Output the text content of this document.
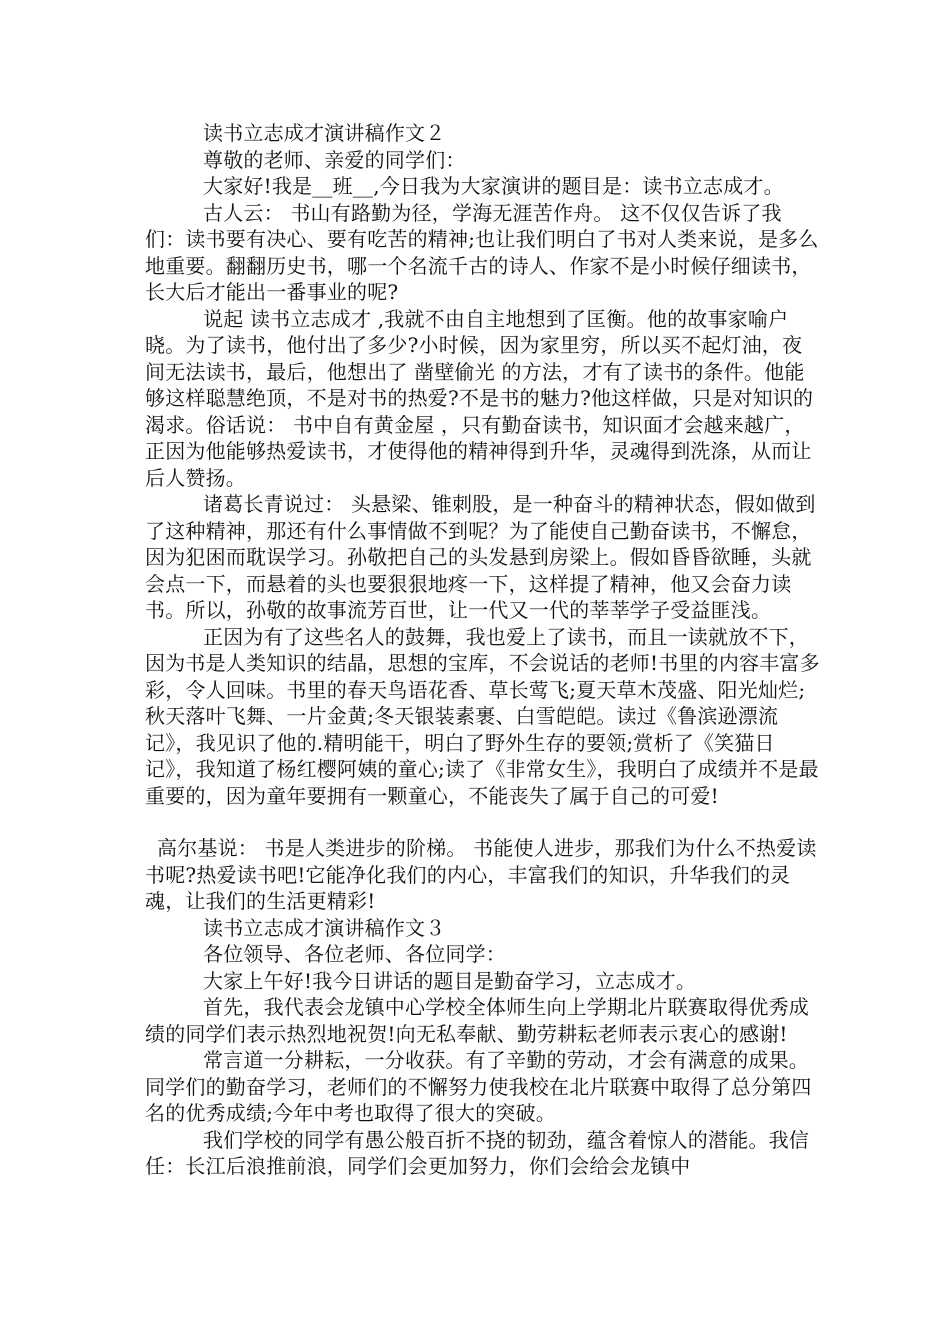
读书立志成才演讲稿作文２

尊敬的老师、亲爱的同学们：

大家好!我是__班__,今日我为大家演讲的题目是：读书立志成才。

古人云： 书山有路勤为径，学海无涯苦作舟。 这不仅仅告诉了我们：读书要有决心、要有吃苦的精神;也让我们明白了书对人类来说，是多么地重要。翻翻历史书，哪一个名流千古的诗人、作家不是小时候仔细读书，长大后才能出一番事业的呢?

说起 读书立志成才 ,我就不由自主地想到了匡衡。他的故事家喻户晓。为了读书，他付出了多少?小时候，因为家里穷，所以买不起灯油，夜间无法读书，最后，他想出了 凿壁偷光 的方法，才有了读书的条件。他能够这样聪慧绝顶，不是对书的热爱?不是书的魅力?他这样做，只是对知识的渴求。俗话说： 书中自有黄金屋 ，只有勤奋读书，知识面才会越来越广，正因为他能够热爱读书，才使得他的精神得到升华，灵魂得到洗涤，从而让后人赞扬。

诸葛长青说过： 头悬梁、锥刺股，是一种奋斗的精神状态，假如做到了这种精神，那还有什么事情做不到呢？为了能使自己勤奋读书，不懈怠，因为犯困而耽误学习。孙敬把自己的头发悬到房梁上。假如昏昏欲睡，头就会点一下，而悬着的头也要狠狠地疼一下，这样提了精神，他又会奋力读书。所以，孙敬的故事流芳百世，让一代又一代的莘莘学子受益匪浅。

正因为有了这些名人的鼓舞，我也爱上了读书，而且一读就放不下，因为书是人类知识的结晶，思想的宝库，不会说话的老师!书里的内容丰富多彩，令人回味。书里的春天鸟语花香、草长莺飞;夏天草木茂盛、阳光灿烂;秋天落叶飞舞、一片金黄;冬天银装素裹、白雪皑皑。读过《鲁滨逊漂流记》，我见识了他的.精明能干，明白了野外生存的要领;赏析了《笑猫日记》，我知道了杨红樱阿姨的童心;读了《非常女生》，我明白了成绩并不是最重要的，因为童年要拥有一颗童心，不能丧失了属于自己的可爱!

高尔基说： 书是人类进步的阶梯。 书能使人进步，那我们为什么不热爱读书呢?热爱读书吧!它能净化我们的内心，丰富我们的知识，升华我们的灵魂，让我们的生活更精彩!

读书立志成才演讲稿作文３

各位领导、各位老师、各位同学：

大家上午好!我今日讲话的题目是勤奋学习，立志成才。

首先，我代表会龙镇中心学校全体师生向上学期北片联赛取得优秀成绩的同学们表示热烈地祝贺!向无私奉献、勤劳耕耘老师表示衷心的感谢!

常言道一分耕耘，一分收获。有了辛勤的劳动，才会有满意的成果。同学们的勤奋学习，老师们的不懈努力使我校在北片联赛中取得了总分第四名的优秀成绩;今年中考也取得了很大的突破。

我们学校的同学有愚公般百折不挠的韧劲，蕴含着惊人的潜能。我信任：长江后浪推前浪，同学们会更加努力，你们会给会龙镇中
